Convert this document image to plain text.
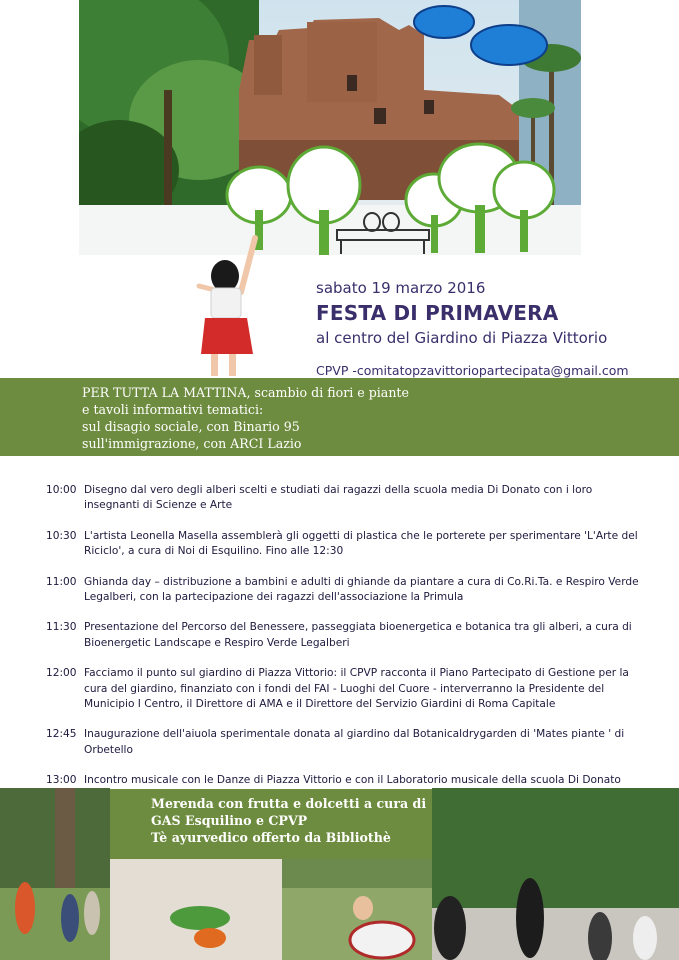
sabato 19 marzo 2016
FESTA DI PRIMAVERA
al centro del Giardino di Piazza Vittorio
CPVP -comitatopzavittoriopartecipata@gmail.com
PER TUTTA LA MATTINA, scambio di fiori e piante
e tavoli informativi tematici:
sul disagio sociale, con Binario 95
sull'immigrazione, con ARCI Lazio
10:00 Disegno dal vero degli alberi scelti e studiati dai ragazzi della scuola media Di Donato con i loro insegnanti di Scienze e Arte
10:30 L'artista Leonella Masella assemblerà gli oggetti di plastica che le porterete per sperimentare 'L'Arte del Riciclo', a cura di Noi di Esquilino. Fino alle 12:30
11:00 Ghianda day – distribuzione a bambini e adulti di ghiande da piantare a cura di Co.Ri.Ta. e Respiro Verde Legalberi, con la partecipazione dei ragazzi dell'associazione la Primula
11:30 Presentazione del Percorso del Benessere, passeggiata bioenergetica e botanica tra gli alberi, a cura di Bioenergetic Landscape e Respiro Verde Legalberi
12:00 Facciamo il punto sul giardino di Piazza Vittorio: il CPVP racconta il Piano Partecipato di Gestione per la cura del giardino, finanziato con i fondi del FAI - Luoghi del Cuore - interverranno la Presidente del Municipio I Centro, il Direttore di AMA e il Direttore del Servizio Giardini di Roma Capitale
12:45 Inaugurazione dell'aiuola sperimentale donata al giardino dal Botanicaldrygarden di 'Mates piante ' di Orbetello
13:00 Incontro musicale con le Danze di Piazza Vittorio e con il Laboratorio musicale della scuola Di Donato
Merenda con frutta e dolcetti a cura di
GAS Esquilino e CPVP
Tè ayurvedico offerto da Bibliothè
